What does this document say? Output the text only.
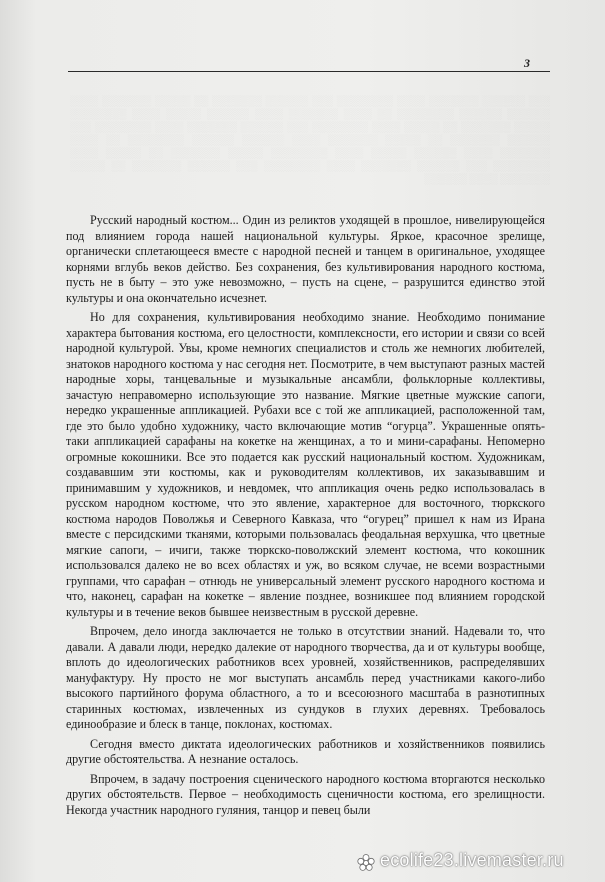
3
░░░ ░░░░░░ ░░░░░░░ ░░░░ ░░░░░░░░ ░░░ ░░░░░░ ░░░░░░░ ░░ ░░░░░ ░░░░░░░ ░░░░ ░░░░░░ ░░░░░░ ░░░░░░░░ ░░ ░░░░ ░░░░░░░ ░░░░ ░░░░░░ ░░░░░ ░░░░ ░░░░░░░░ ░░░░░ ░░░░░░░ ░░ ░░░░░ ░░░░ ░░░░░░░░ ░░░ ░░░░░░ ░░░░░░░ ░░░░ ░░░░░░░░ ░░░ ░░░░░░ ░░░░░░░ ░░ ░░░░░ ░░░░░░░ ░░░░ ░░░░░░ ░░░░░░ ░░░░░░░░ ░░ ░░░░ ░░░░░░░ ░░░░ ░░░░░░ ░░░░░ ░░░░ ░░░░░░░░ ░░░░░ ░░░░░░░ ░░ ░░░░░ ░░░░ ░░░░░░░░ ░░░ ░░░░░░ ░░░░░░░ ░░░░ ░░░░░░░░ ░░░ ░░░░░░ ░░░░░░░ ░░ ░░░░░ ░░░░░░░ ░░░░ ░░░░░░

Русский народный костюм... Один из реликтов уходящей в прошлое, нивелирующейся под влиянием города нашей национальной культуры. Яркое, красочное зрелище, органически сплетающееся вместе с народной песней и танцем в оригинальное, уходящее корнями вглубь веков действо. Без сохранения, без культивирования народного костюма, пусть не в быту – это уже невозможно, – пусть на сцене, – разрушится единство этой культуры и она окончательно исчезнет.

Но для сохранения, культивирования необходимо знание. Необходимо понимание характера бытования костюма, его целостности, комплексности, его истории и связи со всей народной культурой. Увы, кроме немногих специалистов и столь же немногих любителей, знатоков народного костюма у нас сегодня нет. Посмотрите, в чем выступают разных мастей народные хоры, танцевальные и музыкальные ансамбли, фольклорные коллективы, зачастую неправомерно использующие это название. Мягкие цветные мужские сапоги, нередко украшенные аппликацией. Рубахи все с той же аппликацией, расположенной там, где это было удобно художнику, часто включающие мотив “огурца”. Украшенные опять-таки аппликацией сарафаны на кокетке на женщинах, а то и мини-сарафаны. Непомерно огромные кокошники. Все это подается как русский национальный костюм. Художникам, создававшим эти костюмы, как и руководителям коллективов, их заказывавшим и принимавшим у художников, и невдомек, что аппликация очень редко использовалась в русском народном костюме, что это явление, характерное для восточного, тюркского костюма народов Поволжья и Северного Кавказа, что “огурец” пришел к нам из Ирана вместе с персидскими тканями, которыми пользовалась феодальная верхушка, что цветные мягкие сапоги, – ичиги, также тюркско-поволжский элемент костюма, что кокошник использовался далеко не во всех областях и уж, во всяком случае, не всеми возрастными группами, что сарафан – отнюдь не универсальный элемент русского народного костюма и что, наконец, сарафан на кокетке – явление позднее, возникшее под влиянием городской культуры и в течение веков бывшее неизвестным в русской деревне.

Впрочем, дело иногда заключается не только в отсутствии знаний. Надевали то, что давали. А давали люди, нередко далекие от народного творчества, да и от культуры вообще, вплоть до идеологических работников всех уровней, хозяйственников, распределявших мануфактуру. Ну просто не мог выступать ансамбль перед участниками какого-либо высокого партийного форума областного, а то и всесоюзного масштаба в разнотипных старинных костюмах, извлеченных из сундуков в глухих деревнях. Требовалось единообразие и блеск в танце, поклонах, костюмах.

Сегодня вместо диктата идеологических работников и хозяйственников появились другие обстоятельства. А незнание осталось.

Впрочем, в задачу построения сценического народного костюма вторгаются несколько других обстоятельств. Первое – необходимость сценичности костюма, его зрелищности. Некогда участник народного гуляния, танцор и певец были

ecolife23.livemaster.ru
